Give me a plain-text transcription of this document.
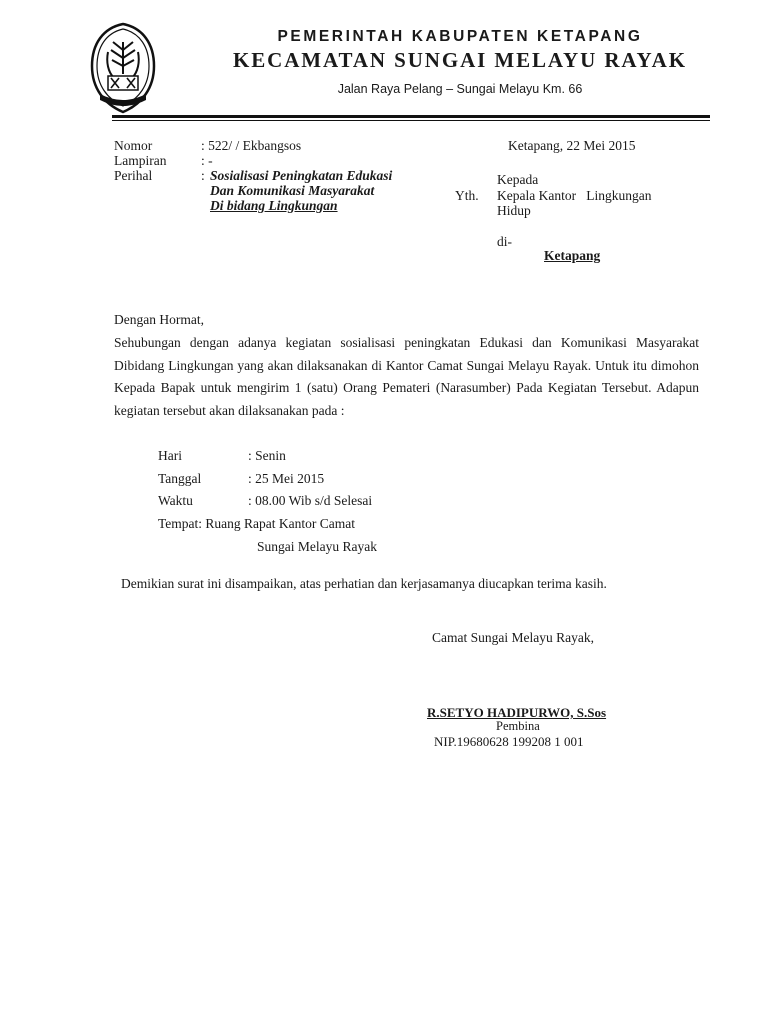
PEMERINTAH KABUPATEN KETAPANG
KECAMATAN SUNGAI MELAYU RAYAK
Jalan Raya Pelang – Sungai Melayu Km. 66
Nomor	: 522/ / Ekbangsos
Lampiran	: -
Perihal	: Sosialisasi Peningkatan Edukasi
Dan Komunikasi Masyarakat
Di bidang Lingkungan
Ketapang, 22 Mei 2015
Kepada
Yth. Kepala Kantor   Lingkungan
Hidup
di-
Ketapang
Dengan Hormat,

Sehubungan dengan adanya kegiatan sosialisasi peningkatan Edukasi dan Komunikasi Masyarakat Dibidang Lingkungan yang akan dilaksanakan di Kantor Camat Sungai Melayu Rayak. Untuk itu dimohon Kepada Bapak untuk mengirim 1 (satu) Orang Pemateri (Narasumber) Pada Kegiatan Tersebut. Adapun kegiatan tersebut akan dilaksanakan pada :

Hari	: Senin
Tanggal	: 25 Mei 2015
Waktu	: 08.00 Wib s/d Selesai
Tempat: Ruang Rapat Kantor Camat
Sungai Melayu Rayak
Demikian surat ini disampaikan, atas perhatian dan kerjasamanya diucapkan terima kasih.
Camat Sungai Melayu Rayak,
R.SETYO HADIPURWO, S.Sos
Pembina
NIP.19680628 199208 1 001
